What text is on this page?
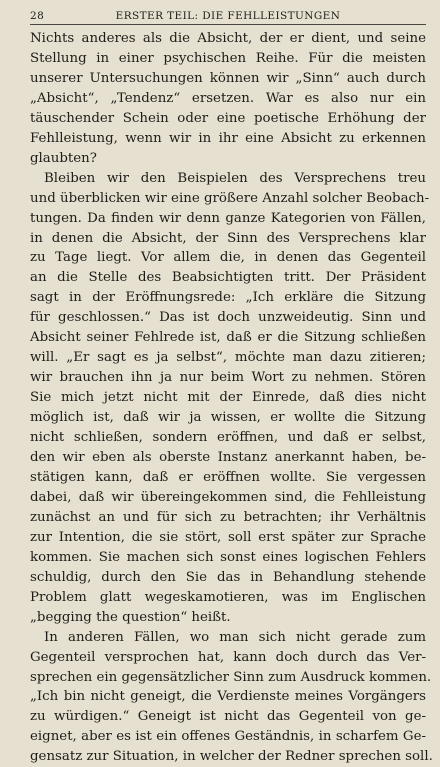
28	ERSTER TEIL: DIE FEHLLEISTUNGEN
Nichts anderes als die Absicht, der er dient, und seine
Stellung in einer psychischen Reihe. Für die meisten
unserer Untersuchungen können wir „Sinn“ auch durch
„Absicht“, „Tendenz“ ersetzen. War es also nur ein
täuschender Schein oder eine poetische Erhöhung der
Fehlleistung, wenn wir in ihr eine Absicht zu erkennen
glaubten?
Bleiben wir den Beispielen des Versprechens treu
und überblicken wir eine größere Anzahl solcher Beobach-
tungen. Da finden wir denn ganze Kategorien von Fällen,
in denen die Absicht, der Sinn des Versprechens klar
zu Tage liegt. Vor allem die, in denen das Gegenteil
an die Stelle des Beabsichtigten tritt. Der Präsident
sagt in der Eröffnungsrede: „Ich erkläre die Sitzung
für geschlossen.“ Das ist doch unzweideutig. Sinn und
Absicht seiner Fehlrede ist, daß er die Sitzung schließen
will. „Er sagt es ja selbst“, möchte man dazu zitieren;
wir brauchen ihn ja nur beim Wort zu nehmen. Stören
Sie mich jetzt nicht mit der Einrede, daß dies nicht
möglich ist, daß wir ja wissen, er wollte die Sitzung
nicht schließen, sondern eröffnen, und daß er selbst,
den wir eben als oberste Instanz anerkannt haben, be-
stätigen kann, daß er eröffnen wollte. Sie vergessen
dabei, daß wir übereingekommen sind, die Fehlleistung
zunächst an und für sich zu betrachten; ihr Verhältnis
zur Intention, die sie stört, soll erst später zur Sprache
kommen. Sie machen sich sonst eines logischen Fehlers
schuldig, durch den Sie das in Behandlung stehende
Problem glatt wegeskamotieren, was im Englischen
„begging the question“ heißt.
In anderen Fällen, wo man sich nicht gerade zum
Gegenteil versprochen hat, kann doch durch das Ver-
sprechen ein gegensätzlicher Sinn zum Ausdruck kommen.
„Ich bin nicht geneigt, die Verdienste meines Vorgängers
zu würdigen.“ Geneigt ist nicht das Gegenteil von ge-
eignet, aber es ist ein offenes Geständnis, in scharfem Ge-
gensatz zur Situation, in welcher der Redner sprechen soll.
